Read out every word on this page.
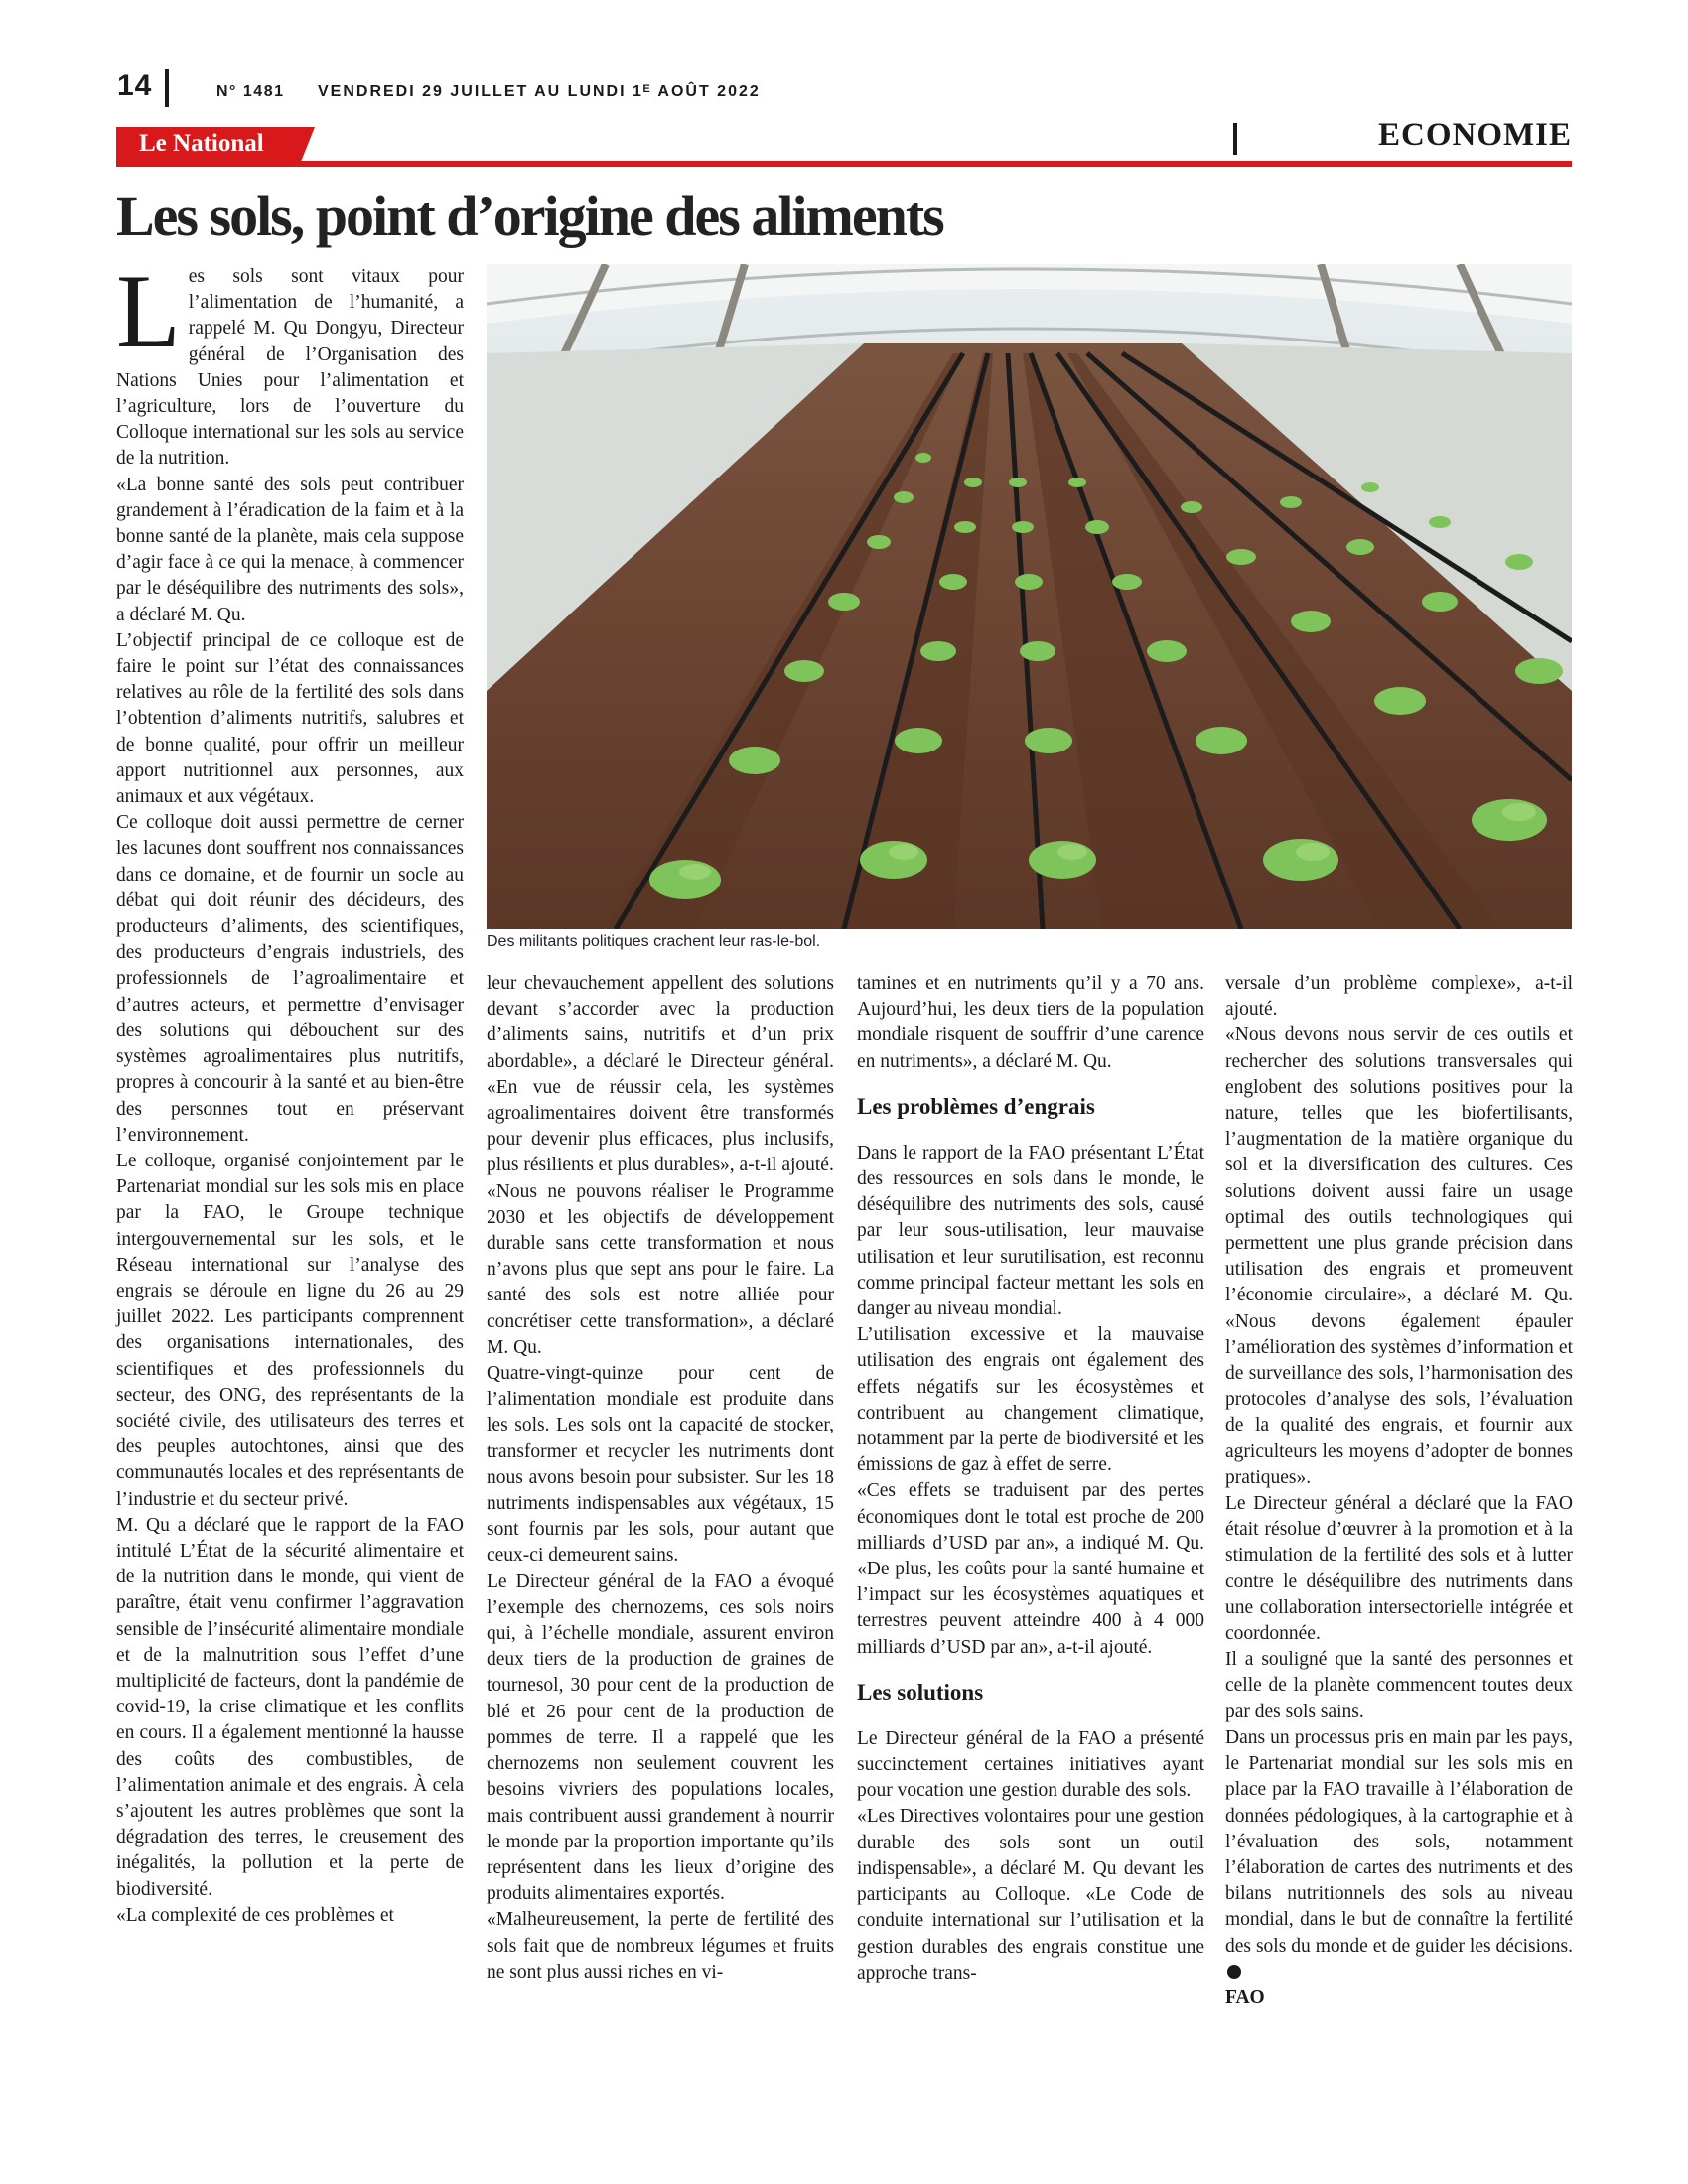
14	N° 1481 VENDREDI 29 JUILLET AU LUNDI 1ᴱ AOÛT 2022
Le National	ECONOMIE
Les sols, point d’origine des aliments
Des militants politiques crachent leur ras-le-bol.

Les sols sont vitaux pour l’alimentation de l’humanité, a rappelé M. Qu Dongyu, Directeur général de l’Organisation des Nations Unies pour l’alimentation et l’agriculture, lors de l’ouverture du Colloque international sur les sols au service de la nutrition.

«La bonne santé des sols peut contribuer grandement à l’éradication de la faim et à la bonne santé de la planète, mais cela suppose d’agir face à ce qui la menace, à commencer par le déséquilibre des nutriments des sols», a déclaré M. Qu.

L’objectif principal de ce colloque est de faire le point sur l’état des connaissances relatives au rôle de la fertilité des sols dans l’obtention d’aliments nutritifs, salubres et de bonne qualité, pour offrir un meilleur apport nutritionnel aux personnes, aux animaux et aux végétaux.

Ce colloque doit aussi permettre de cerner les lacunes dont souffrent nos connaissances dans ce domaine, et de fournir un socle au débat qui doit réunir des décideurs, des producteurs d’aliments, des scientifiques, des producteurs d’engrais industriels, des professionnels de l’agroalimentaire et d’autres acteurs, et permettre d’envisager des solutions qui débouchent sur des systèmes agroalimentaires plus nutritifs, propres à concourir à la santé et au bien-être des personnes tout en préservant l’environnement.

Le colloque, organisé conjointement par le Partenariat mondial sur les sols mis en place par la FAO, le Groupe technique intergouvernemental sur les sols, et le Réseau international sur l’analyse des engrais se déroule en ligne du 26 au 29 juillet 2022. Les participants comprennent des organisations internationales, des scientifiques et des professionnels du secteur, des ONG, des représentants de la société civile, des utilisateurs des terres et des peuples autochtones, ainsi que des communautés locales et des représentants de l’industrie et du secteur privé.

M. Qu a déclaré que le rapport de la FAO intitulé L’État de la sécurité alimentaire et de la nutrition dans le monde, qui vient de paraître, était venu confirmer l’aggravation sensible de l’insécurité alimentaire mondiale et de la malnutrition sous l’effet d’une multiplicité de facteurs, dont la pandémie de covid-19, la crise climatique et les conflits en cours. Il a également mentionné la hausse des coûts des combustibles, de l’alimentation animale et des engrais. À cela s’ajoutent les autres problèmes que sont la dégradation des terres, le creusement des inégalités, la pollution et la perte de biodiversité.

«La complexité de ces problèmes et

leur chevauchement appellent des solutions devant s’accorder avec la production d’aliments sains, nutritifs et d’un prix abordable», a déclaré le Directeur général. «En vue de réussir cela, les systèmes agroalimentaires doivent être transformés pour devenir plus efficaces, plus inclusifs, plus résilients et plus durables», a-t-il ajouté.

«Nous ne pouvons réaliser le Programme 2030 et les objectifs de développement durable sans cette transformation et nous n’avons plus que sept ans pour le faire. La santé des sols est notre alliée pour concrétiser cette transformation», a déclaré M. Qu.

Quatre-vingt-quinze pour cent de l’alimentation mondiale est produite dans les sols. Les sols ont la capacité de stocker, transformer et recycler les nutriments dont nous avons besoin pour subsister. Sur les 18 nutriments indispensables aux végétaux, 15 sont fournis par les sols, pour autant que ceux-ci demeurent sains.

Le Directeur général de la FAO a évoqué l’exemple des chernozems, ces sols noirs qui, à l’échelle mondiale, assurent environ deux tiers de la production de graines de tournesol, 30 pour cent de la production de blé et 26 pour cent de la production de pommes de terre. Il a rappelé que les chernozems non seulement couvrent les besoins vivriers des populations locales, mais contribuent aussi grandement à nourrir le monde par la proportion importante qu’ils représentent dans les lieux d’origine des produits alimentaires exportés.

«Malheureusement, la perte de fertilité des sols fait que de nombreux légumes et fruits ne sont plus aussi riches en vi-

tamines et en nutriments qu’il y a 70 ans. Aujourd’hui, les deux tiers de la population mondiale risquent de souffrir d’une carence en nutriments», a déclaré M. Qu.

Les problèmes d’engrais

Dans le rapport de la FAO présentant L’État des ressources en sols dans le monde, le déséquilibre des nutriments des sols, causé par leur sous-utilisation, leur mauvaise utilisation et leur surutilisation, est reconnu comme principal facteur mettant les sols en danger au niveau mondial.

L’utilisation excessive et la mauvaise utilisation des engrais ont également des effets négatifs sur les écosystèmes et contribuent au changement climatique, notamment par la perte de biodiversité et les émissions de gaz à effet de serre.

«Ces effets se traduisent par des pertes économiques dont le total est proche de 200 milliards d’USD par an», a indiqué M. Qu. «De plus, les coûts pour la santé humaine et l’impact sur les écosystèmes aquatiques et terrestres peuvent atteindre 400 à 4 000 milliards d’USD par an», a-t-il ajouté.

Les solutions

Le Directeur général de la FAO a présenté succinctement certaines initiatives ayant pour vocation une gestion durable des sols.

«Les Directives volontaires pour une gestion durable des sols sont un outil indispensable», a déclaré M. Qu devant les participants au Colloque. «Le Code de conduite international sur l’utilisation et la gestion durables des engrais constitue une approche trans-

versale d’un problème complexe», a-t-il ajouté.

«Nous devons nous servir de ces outils et rechercher des solutions transversales qui englobent des solutions positives pour la nature, telles que les biofertilisants, l’augmentation de la matière organique du sol et la diversification des cultures. Ces solutions doivent aussi faire un usage optimal des outils technologiques qui permettent une plus grande précision dans utilisation des engrais et promeuvent l’économie circulaire», a déclaré M. Qu. «Nous devons également épauler l’amélioration des systèmes d’information et de surveillance des sols, l’harmonisation des protocoles d’analyse des sols, l’évaluation de la qualité des engrais, et fournir aux agriculteurs les moyens d’adopter de bonnes pratiques».

Le Directeur général a déclaré que la FAO était résolue d’œuvrer à la promotion et à la stimulation de la fertilité des sols et à lutter contre le déséquilibre des nutriments dans une collaboration intersectorielle intégrée et coordonnée.

Il a souligné que la santé des personnes et celle de la planète commencent toutes deux par des sols sains.

Dans un processus pris en main par les pays, le Partenariat mondial sur les sols mis en place par la FAO travaille à l’élaboration de données pédologiques, à la cartographie et à l’évaluation des sols, notamment l’élaboration de cartes des nutriments et des bilans nutritionnels des sols au niveau mondial, dans le but de connaître la fertilité des sols du monde et de guider les décisions.

FAO
